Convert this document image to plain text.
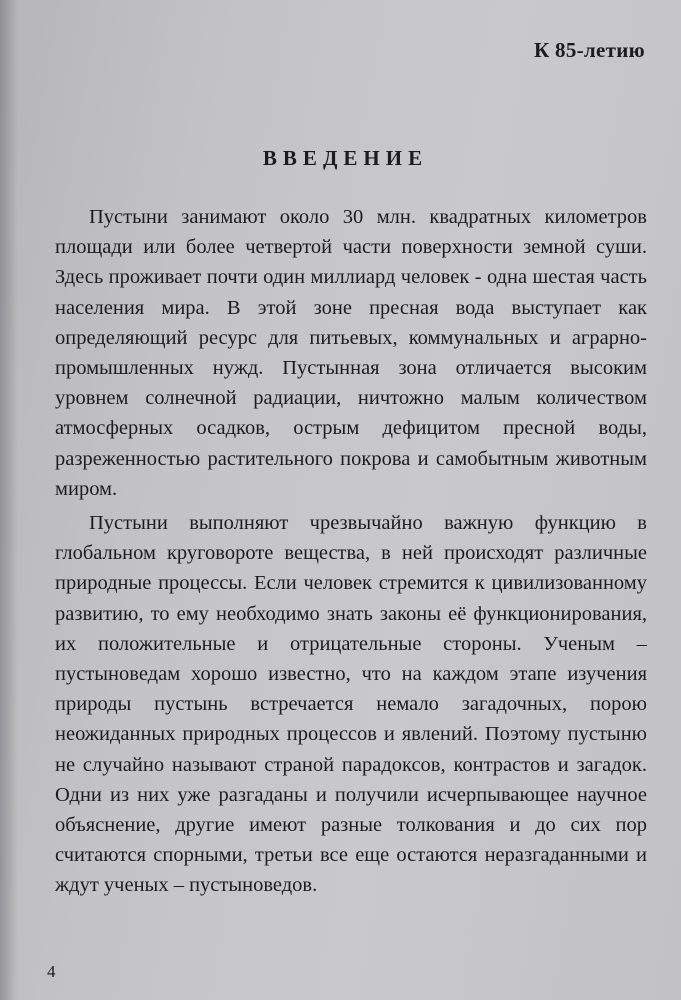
К 85-летию
ВВЕДЕНИЕ

Пустыни занимают около 30 млн. квадратных километров площади или более четвертой части поверхности земной суши. Здесь проживает почти один миллиард человек - одна шестая часть населения мира. В этой зоне пресная вода выступает как определяющий ресурс для питьевых, коммунальных и аграрно-промышленных нужд. Пустынная зона отличается высоким уровнем солнечной радиации, ничтожно малым количеством атмосферных осадков, острым дефицитом пресной воды, разреженностью растительного покрова и самобытным животным миром.

Пустыни выполняют чрезвычайно важную функцию в глобальном круговороте вещества, в ней происходят различные природные процессы. Если человек стремится к цивилизованному развитию, то ему необходимо знать законы её функционирования, их положительные и отрицательные стороны. Ученым – пустыноведам хорошо известно, что на каждом этапе изучения природы пустынь встречается немало загадочных, порою неожиданных природных процессов и явлений. Поэтому пустыню не случайно называют страной парадоксов, контрастов и загадок. Одни из них уже разгаданы и получили исчерпывающее научное объяснение, другие имеют разные толкования и до сих пор считаются спорными, третьи все еще остаются неразгаданными и ждут ученых – пустыноведов.

4
